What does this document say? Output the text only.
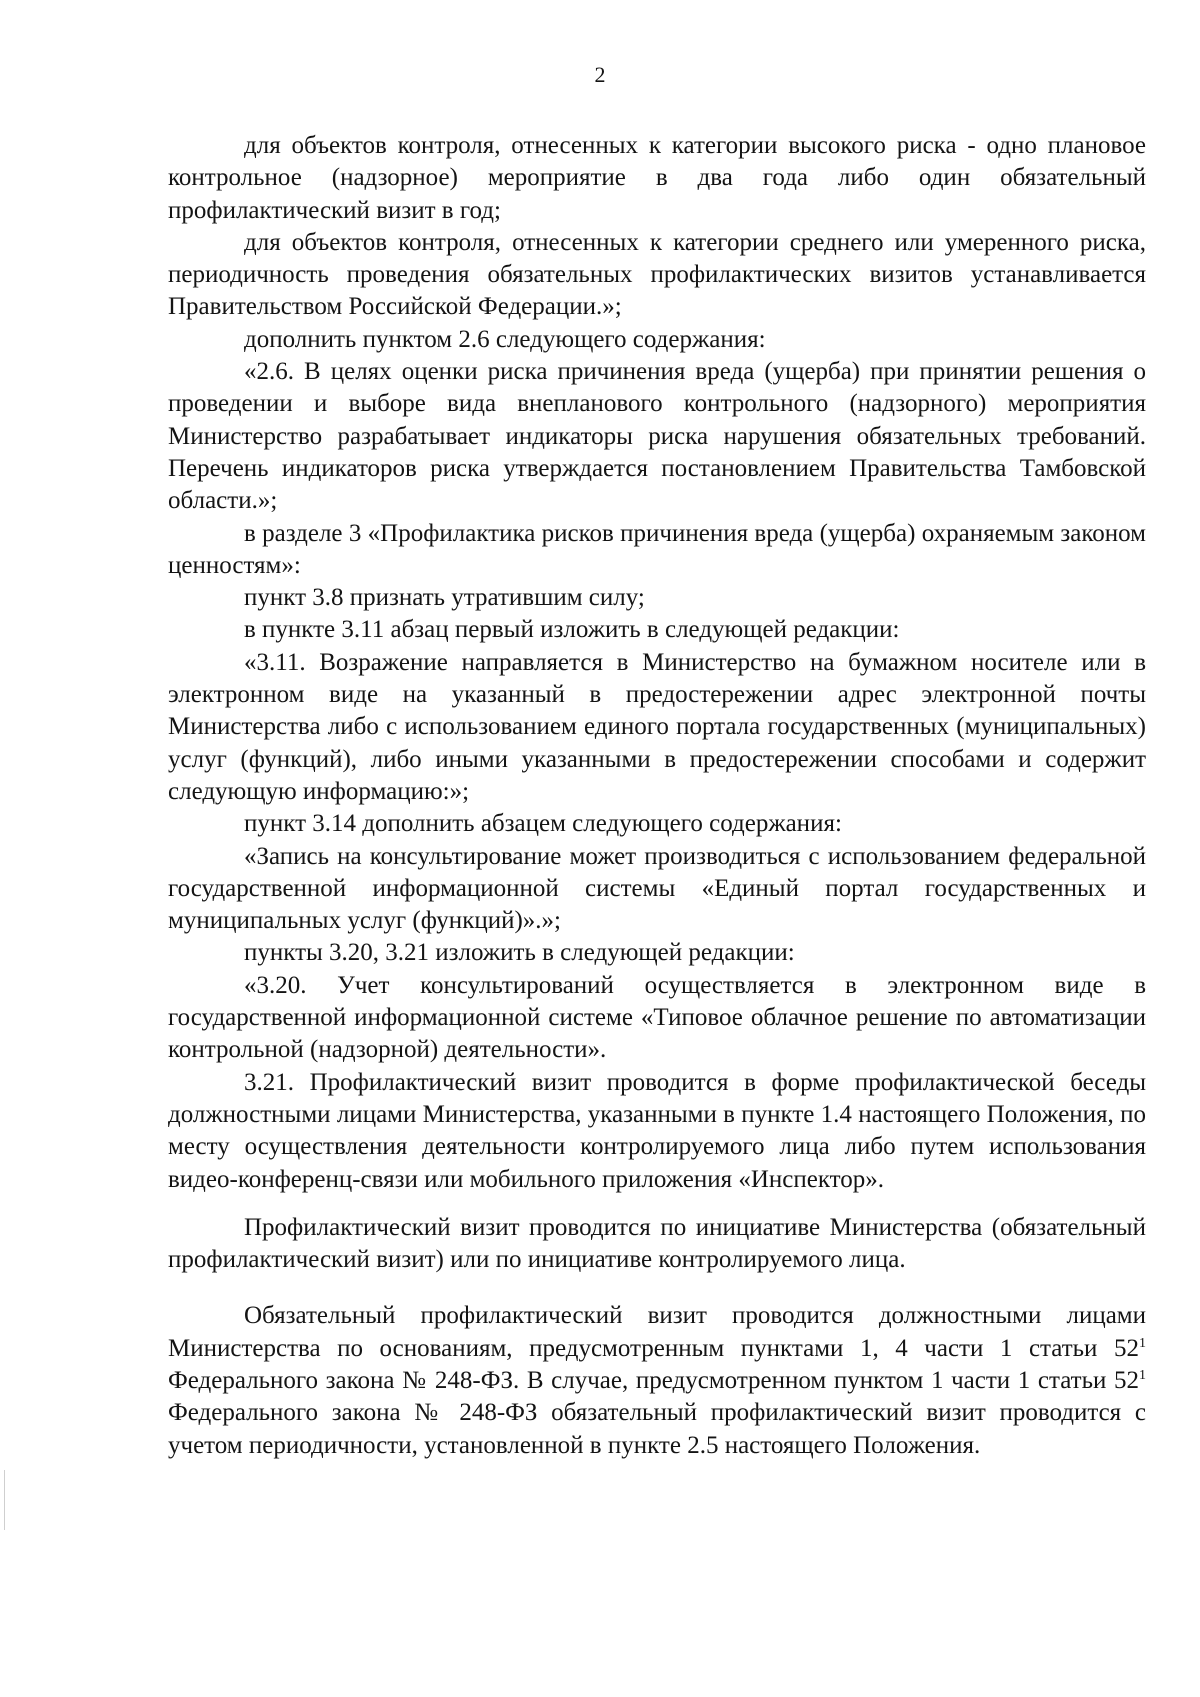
2

для объектов контроля, отнесенных к категории высокого риска - одно плановое контрольное (надзорное) мероприятие в два года либо один обязательный профилактический визит в год;

для объектов контроля, отнесенных к категории среднего или умеренного риска, периодичность проведения обязательных профилактических визитов устанавливается Правительством Российской Федерации.»;

дополнить пунктом 2.6 следующего содержания:

«2.6. В целях оценки риска причинения вреда (ущерба) при принятии решения о проведении и выборе вида внепланового контрольного (надзорного) мероприятия Министерство разрабатывает индикаторы риска нарушения обязательных требований. Перечень индикаторов риска утверждается постановлением Правительства Тамбовской области.»;

в разделе 3 «Профилактика рисков причинения вреда (ущерба) охраняемым законом ценностям»:

пункт 3.8 признать утратившим силу;

в пункте 3.11 абзац первый изложить в следующей редакции:

«3.11. Возражение направляется в Министерство на бумажном носителе или в электронном виде на указанный в предостережении адрес электронной почты Министерства либо с использованием единого портала государственных (муниципальных) услуг (функций), либо иными указанными в предостережении способами и содержит следующую информацию:»;

пункт 3.14 дополнить абзацем следующего содержания:

«Запись на консультирование может производиться с использованием федеральной государственной информационной системы «Единый портал государственных и муниципальных услуг (функций)».»;

пункты 3.20, 3.21 изложить в следующей редакции:

«3.20. Учет консультирований осуществляется в электронном виде в государственной информационной системе «Типовое облачное решение по автоматизации контрольной (надзорной) деятельности».

3.21. Профилактический визит проводится в форме профилактической беседы должностными лицами Министерства, указанными в пункте 1.4 настоящего Положения, по месту осуществления деятельности контролируемого лица либо путем использования видео-конференц-связи или мобильного приложения «Инспектор».

Профилактический визит проводится по инициативе Министерства (обязательный профилактический визит) или по инициативе контролируемого лица.

Обязательный профилактический визит проводится должностными лицами Министерства по основаниям, предусмотренным пунктами 1, 4 части 1 статьи $52^1$ Федерального закона № 248-ФЗ. В случае, предусмотренном пунктом 1 части 1 статьи $52^1$ Федерального закона № 248-ФЗ обязательный профилактический визит проводится с учетом периодичности, установленной в пункте 2.5 настоящего Положения.
